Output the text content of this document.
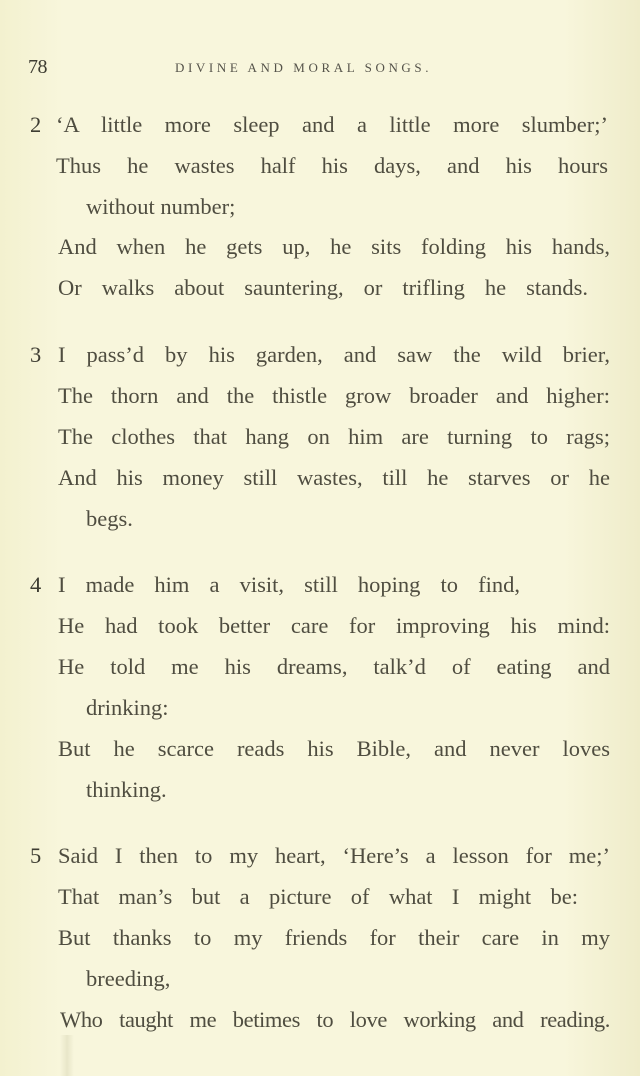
78	DIVINE AND MORAL SONGS.
2 ‘A little more sleep and a little more slumber;’
Thus he wastes half his days, and his hours
without number;
And when he gets up, he sits folding his hands,
Or walks about sauntering, or trifling he stands.
3 I pass’d by his garden, and saw the wild brier,
The thorn and the thistle grow broader and higher:
The clothes that hang on him are turning to rags;
And his money still wastes, till he starves or he
begs.
4 I made him a visit, still hoping to find,
He had took better care for improving his mind:
He told me his dreams, talk’d of eating and
drinking:
But he scarce reads his Bible, and never loves
thinking.
5 Said I then to my heart, ‘Here’s a lesson for me;’
That man’s but a picture of what I might be:
But thanks to my friends for their care in my
breeding,
Who taught me betimes to love working and reading.
